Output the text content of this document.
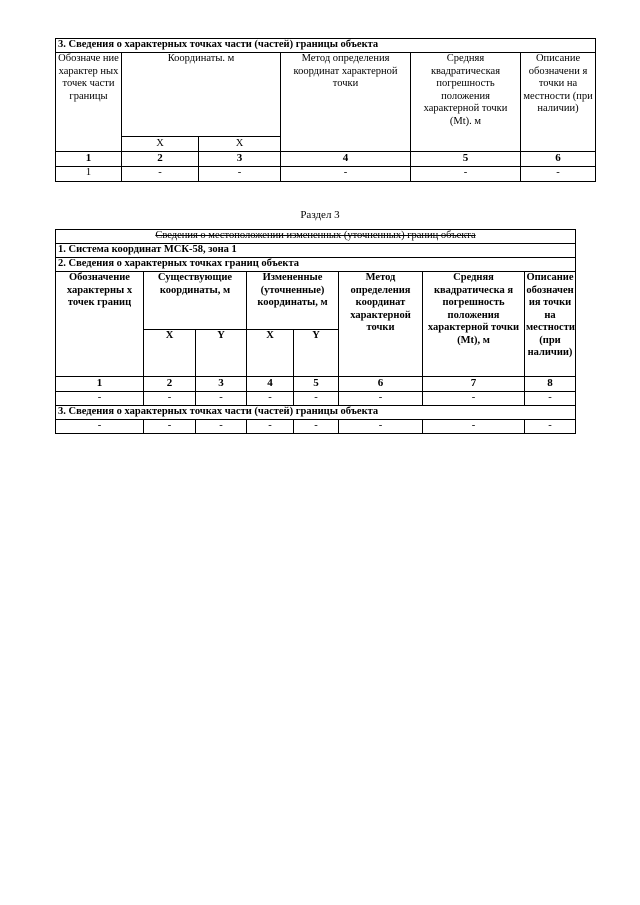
3. Сведения о характерных точках части (частей) границы объекта					
Обозначе ние характер ных точек части границы	Координаты. м		Метод определения координат характерной точки	Средняя квадратическая погрешность положения характерной точки (Mt). м	Описание обозначени я точки на местности (при наличии)
	X	X			
1	2	3	4	5	6
1	-	-	-	-	-
Раздел 3
Сведения о местоположении измененных (уточненных) границ объекта							
1. Система координат МСК-58, зона 1							
2. Сведения о характерных точках границ объекта							
Обозначение характерны х точек границ	Существующие координаты, м		Измененные (уточненные) координаты, м		Метод определения координат характерной точки	Средняя квадратическа я погрешность положения характерной точки (Mt), м	Описание обозначен ия точки на местности (при наличии)
	X	Y	X	Y			
1	2	3	4	5	6	7	8
-	-	-	-	-	-	-	-
3. Сведения о характерных точках части (частей) границы объекта							
-	-	-	-	-	-	-	-
